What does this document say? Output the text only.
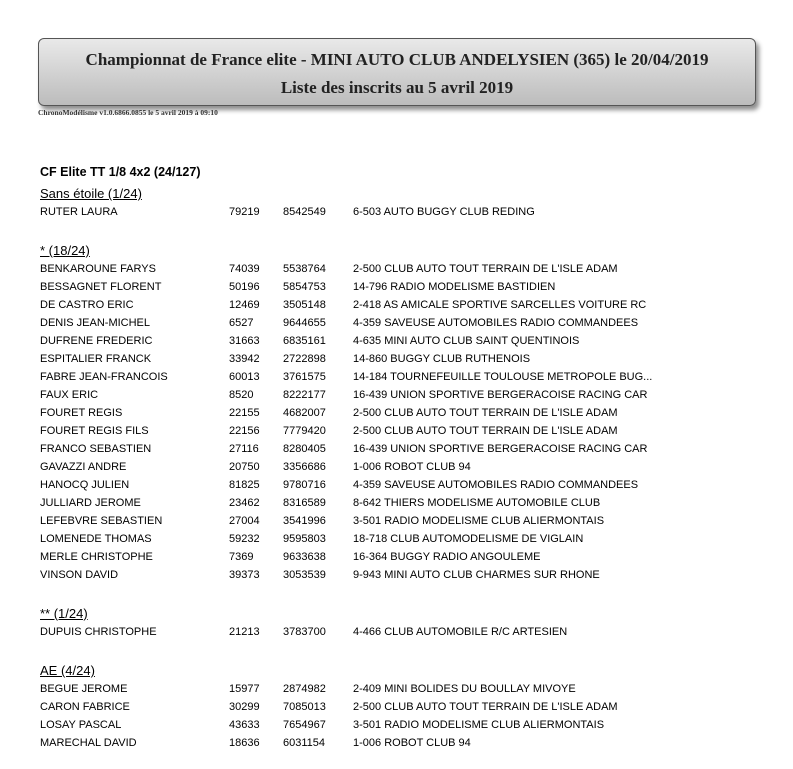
Championnat de France elite - MINI AUTO CLUB ANDELYSIEN (365) le 20/04/2019
Liste des inscrits au 5 avril 2019
ChronoModélisme v1.0.6866.0855 le 5 avril 2019 à 09:10
CF Elite TT 1/8 4x2 (24/127)
Sans étoile (1/24)
RUTER LAURA	79219 8542549 6-503 AUTO BUGGY CLUB REDING
* (18/24)
BENKAROUNE FARYS	74039 5538764 2-500 CLUB AUTO TOUT TERRAIN DE L'ISLE ADAM
BESSAGNET FLORENT	50196 5854753 14-796 RADIO MODELISME BASTIDIEN
DE CASTRO ERIC	12469 3505148 2-418 AS AMICALE SPORTIVE SARCELLES VOITURE RC
DENIS JEAN-MICHEL	6527	9644655 4-359 SAVEUSE AUTOMOBILES RADIO COMMANDEES
DUFRENE FREDERIC	31663 6835161 4-635 MINI AUTO CLUB SAINT QUENTINOIS
ESPITALIER FRANCK	33942 2722898 14-860 BUGGY CLUB RUTHENOIS
FABRE JEAN-FRANCOIS	60013 3761575 14-184 TOURNEFEUILLE TOULOUSE METROPOLE BUG...
FAUX ERIC	8520	8222177 16-439 UNION SPORTIVE BERGERACOISE RACING CAR
FOURET REGIS	22155 4682007 2-500 CLUB AUTO TOUT TERRAIN DE L'ISLE ADAM
FOURET REGIS FILS	22156 7779420 2-500 CLUB AUTO TOUT TERRAIN DE L'ISLE ADAM
FRANCO SEBASTIEN	27116 8280405 16-439 UNION SPORTIVE BERGERACOISE RACING CAR
GAVAZZI ANDRE	20750 3356686 1-006 ROBOT CLUB 94
HANOCQ JULIEN	81825 9780716 4-359 SAVEUSE AUTOMOBILES RADIO COMMANDEES
JULLIARD JEROME	23462 8316589 8-642 THIERS MODELISME AUTOMOBILE CLUB
LEFEBVRE SEBASTIEN	27004 3541996 3-501 RADIO MODELISME CLUB ALIERMONTAIS
LOMENEDE THOMAS	59232 9595803 18-718 CLUB AUTOMODELISME DE VIGLAIN
MERLE CHRISTOPHE	7369	9633638 16-364 BUGGY RADIO ANGOULEME
VINSON DAVID	39373 3053539 9-943 MINI AUTO CLUB CHARMES SUR RHONE
** (1/24)
DUPUIS CHRISTOPHE	21213 3783700 4-466 CLUB AUTOMOBILE R/C ARTESIEN
AE (4/24)
BEGUE JEROME	15977 2874982 2-409 MINI BOLIDES DU BOULLAY MIVOYE
CARON FABRICE	30299 7085013 2-500 CLUB AUTO TOUT TERRAIN DE L'ISLE ADAM
LOSAY PASCAL	43633 7654967 3-501 RADIO MODELISME CLUB ALIERMONTAIS
MARECHAL DAVID	18636 6031154	1-006 ROBOT CLUB 94
